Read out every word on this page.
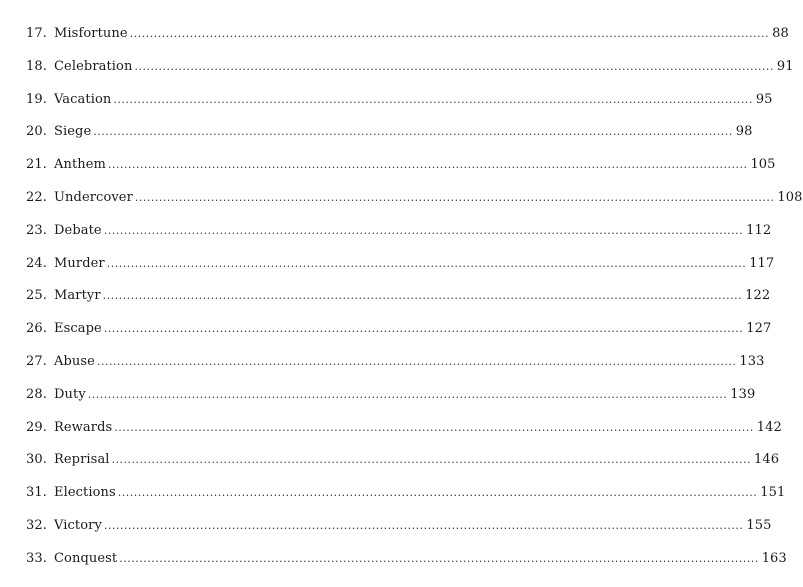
17. Misfortune ................................................................................................................................................................ 88
18. Celebration ................................................................................................................................................................ 91
19. Vacation ................................................................................................................................................................ 95
20. Siege ................................................................................................................................................................ 98
21. Anthem ................................................................................................................................................................ 105
22. Undercover ................................................................................................................................................................ 108
23. Debate ................................................................................................................................................................ 112
24. Murder ................................................................................................................................................................ 117
25. Martyr ................................................................................................................................................................ 122
26. Escape ................................................................................................................................................................ 127
27. Abuse ................................................................................................................................................................ 133
28. Duty ................................................................................................................................................................ 139
29. Rewards ................................................................................................................................................................ 142
30. Reprisal ................................................................................................................................................................ 146
31. Elections ................................................................................................................................................................ 151
32. Victory ................................................................................................................................................................ 155
33. Conquest ................................................................................................................................................................ 163
